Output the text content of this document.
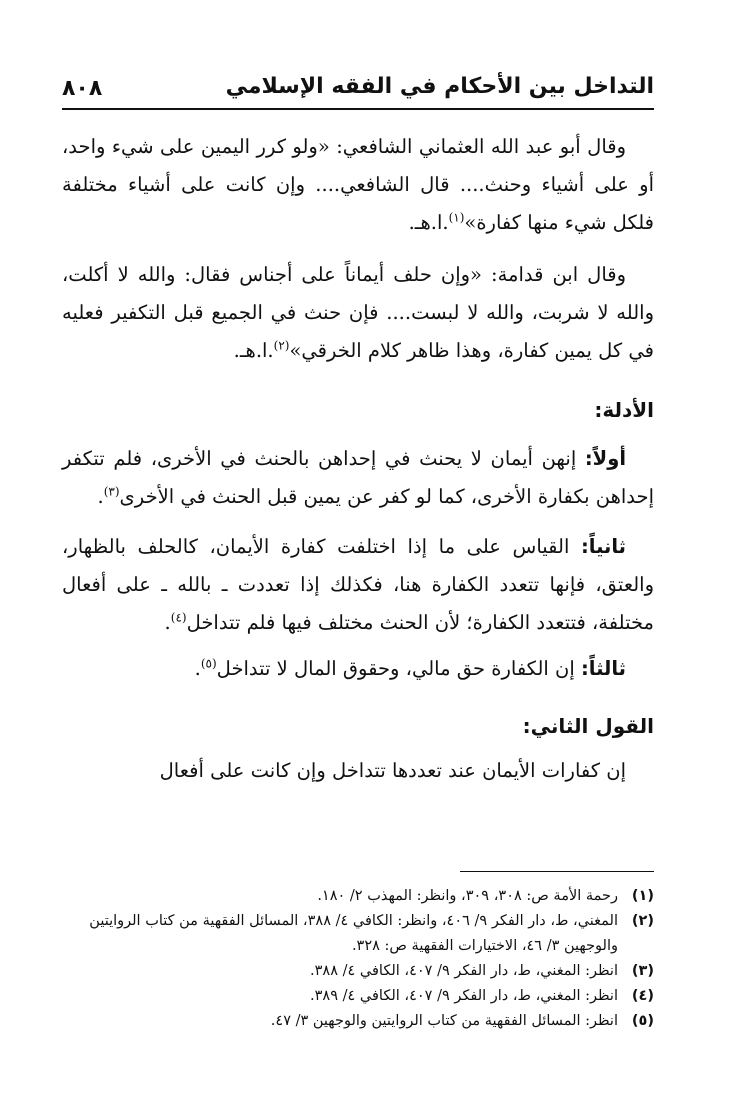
التداخل بين الأحكام في الفقه الإسلامي
٨٠٨

وقال أبو عبد الله العثماني الشافعي: «ولو كرر اليمين على شيء واحد، أو على أشياء وحنث.... قال الشافعي.... وإن كانت على أشياء مختلفة فلكل شيء منها كفارة»$^{(١)}$.ا.هـ.

وقال ابن قدامة: «وإن حلف أيماناً على أجناس فقال: والله لا أكلت، والله لا شربت، والله لا لبست.... فإن حنث في الجميع قبل التكفير فعليه في كل يمين كفارة، وهذا ظاهر كلام الخرقي»$^{(٢)}$.ا.هـ.

الأدلة:

أولاً: إنهن أيمان لا يحنث في إحداهن بالحنث في الأخرى، فلم تتكفر إحداهن بكفارة الأخرى، كما لو كفر عن يمين قبل الحنث في الأخرى$^{(٣)}$.

ثانياً: القياس على ما إذا اختلفت كفارة الأيمان، كالحلف بالظهار، والعتق، فإنها تتعدد الكفارة هنا، فكذلك إذا تعددت ـ بالله ـ على أفعال مختلفة، فتتعدد الكفارة؛ لأن الحنث مختلف فيها فلم تتداخل$^{(٤)}$.

ثالثاً: إن الكفارة حق مالي، وحقوق المال لا تتداخل$^{(٥)}$.

القول الثاني:

إن كفارات الأيمان عند تعددها تتداخل وإن كانت على أفعال

(١)
رحمة الأمة ص: ٣٠٨، ٣٠٩، وانظر: المهذب ٢/ ١٨٠.
(٢)
المغني، ط، دار الفكر ٩/ ٤٠٦، وانظر: الكافي ٤/ ٣٨٨، المسائل الفقهية من كتاب الروايتين والوجهين ٣/ ٤٦، الاختيارات الفقهية ص: ٣٢٨.
(٣)
انظر: المغني، ط، دار الفكر ٩/ ٤٠٧، الكافي ٤/ ٣٨٨.
(٤)
انظر: المغني، ط، دار الفكر ٩/ ٤٠٧، الكافي ٤/ ٣٨٩.
(٥)
انظر: المسائل الفقهية من كتاب الروايتين والوجهين ٣/ ٤٧.
